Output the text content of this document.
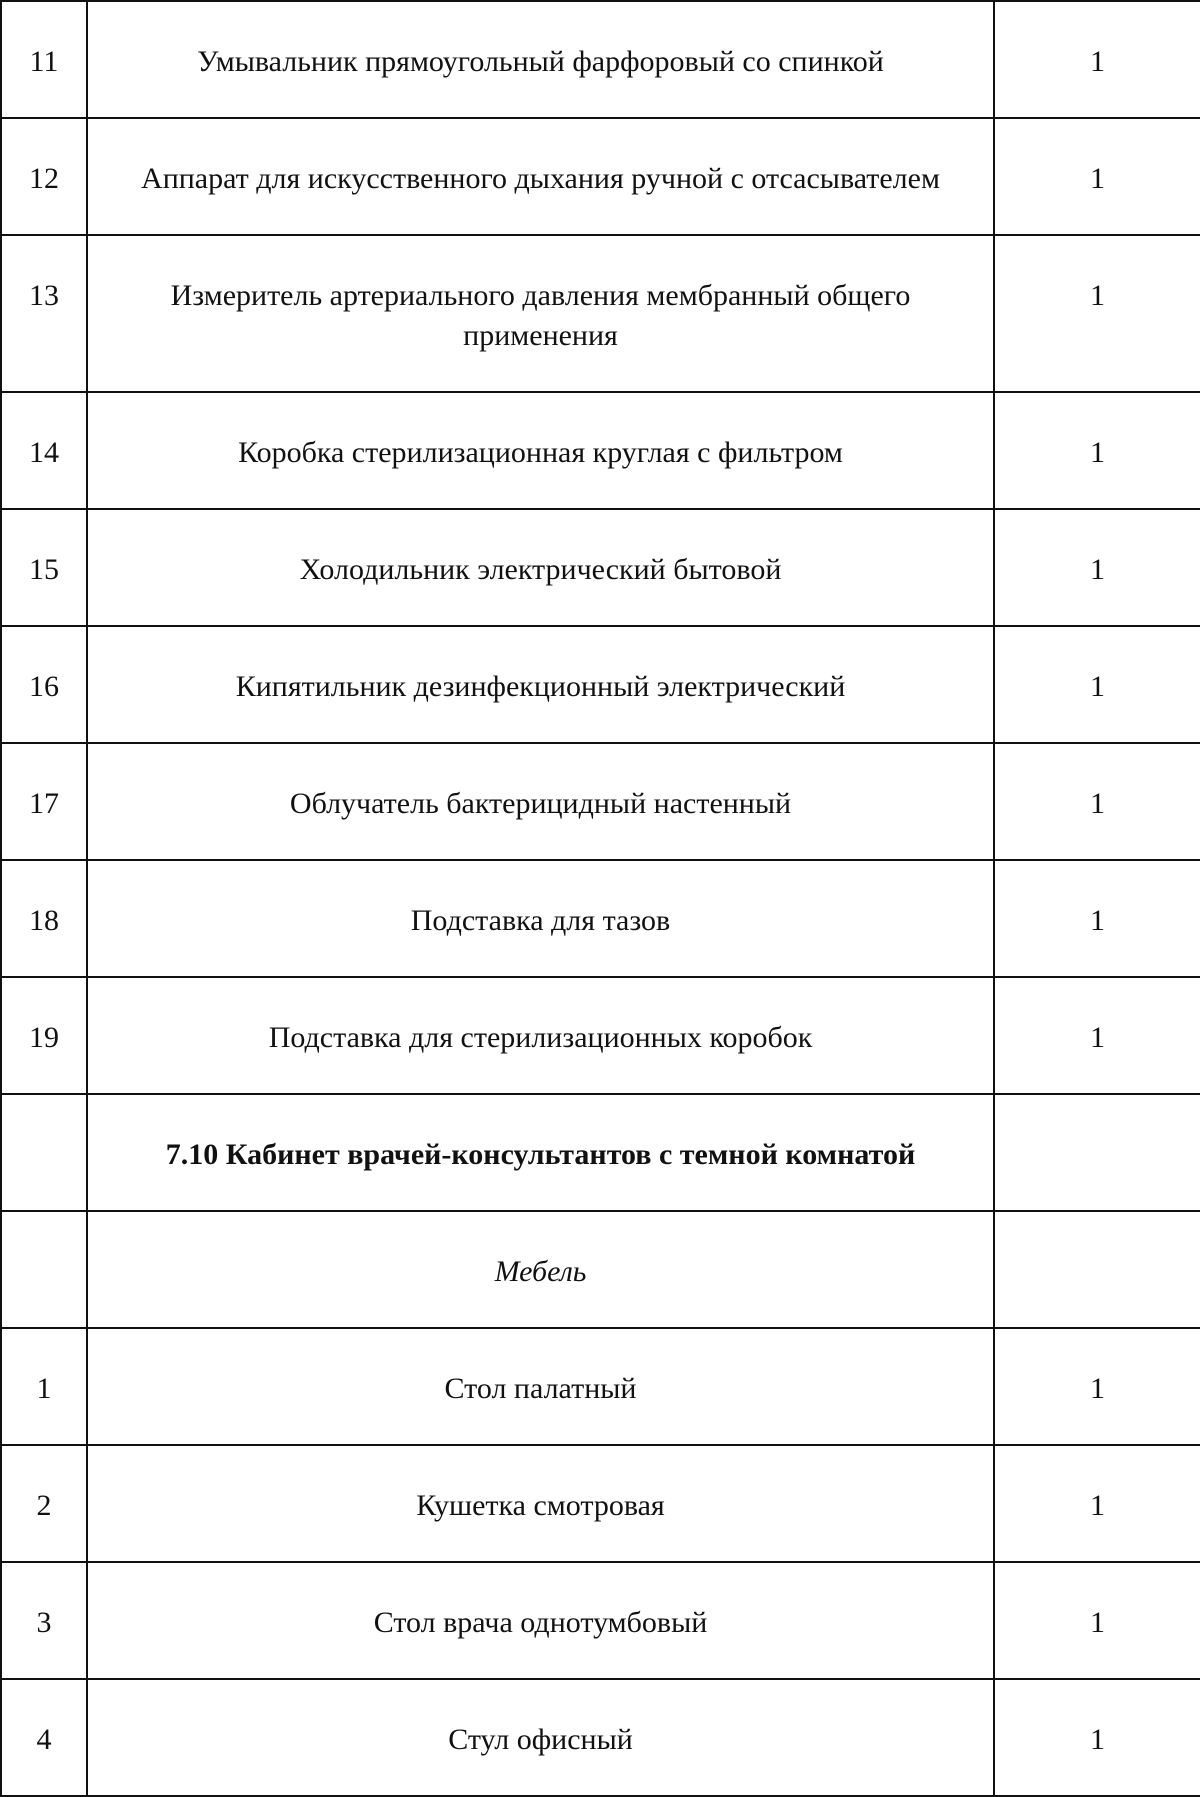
11	Умывальник прямоугольный фарфоровый со спинкой	1

12	Аппарат для искусственного дыхания ручной с отсасывателем	1

13	Измеритель артериального давления мембранный общего применения	1

14	Коробка стерилизационная круглая с фильтром	1

15	Холодильник электрический бытовой	1

16	Кипятильник дезинфекционный электрический	1

17	Облучатель бактерицидный настенный	1

18	Подставка для тазов	1

19	Подставка для стерилизационных коробок	1

	7.10 Кабинет врачей-консультантов с темной комнатой	

	Мебель	

1	Стол палатный	1

2	Кушетка смотровая	1

3	Стол врача однотумбовый	1

4	Стул офисный	1
